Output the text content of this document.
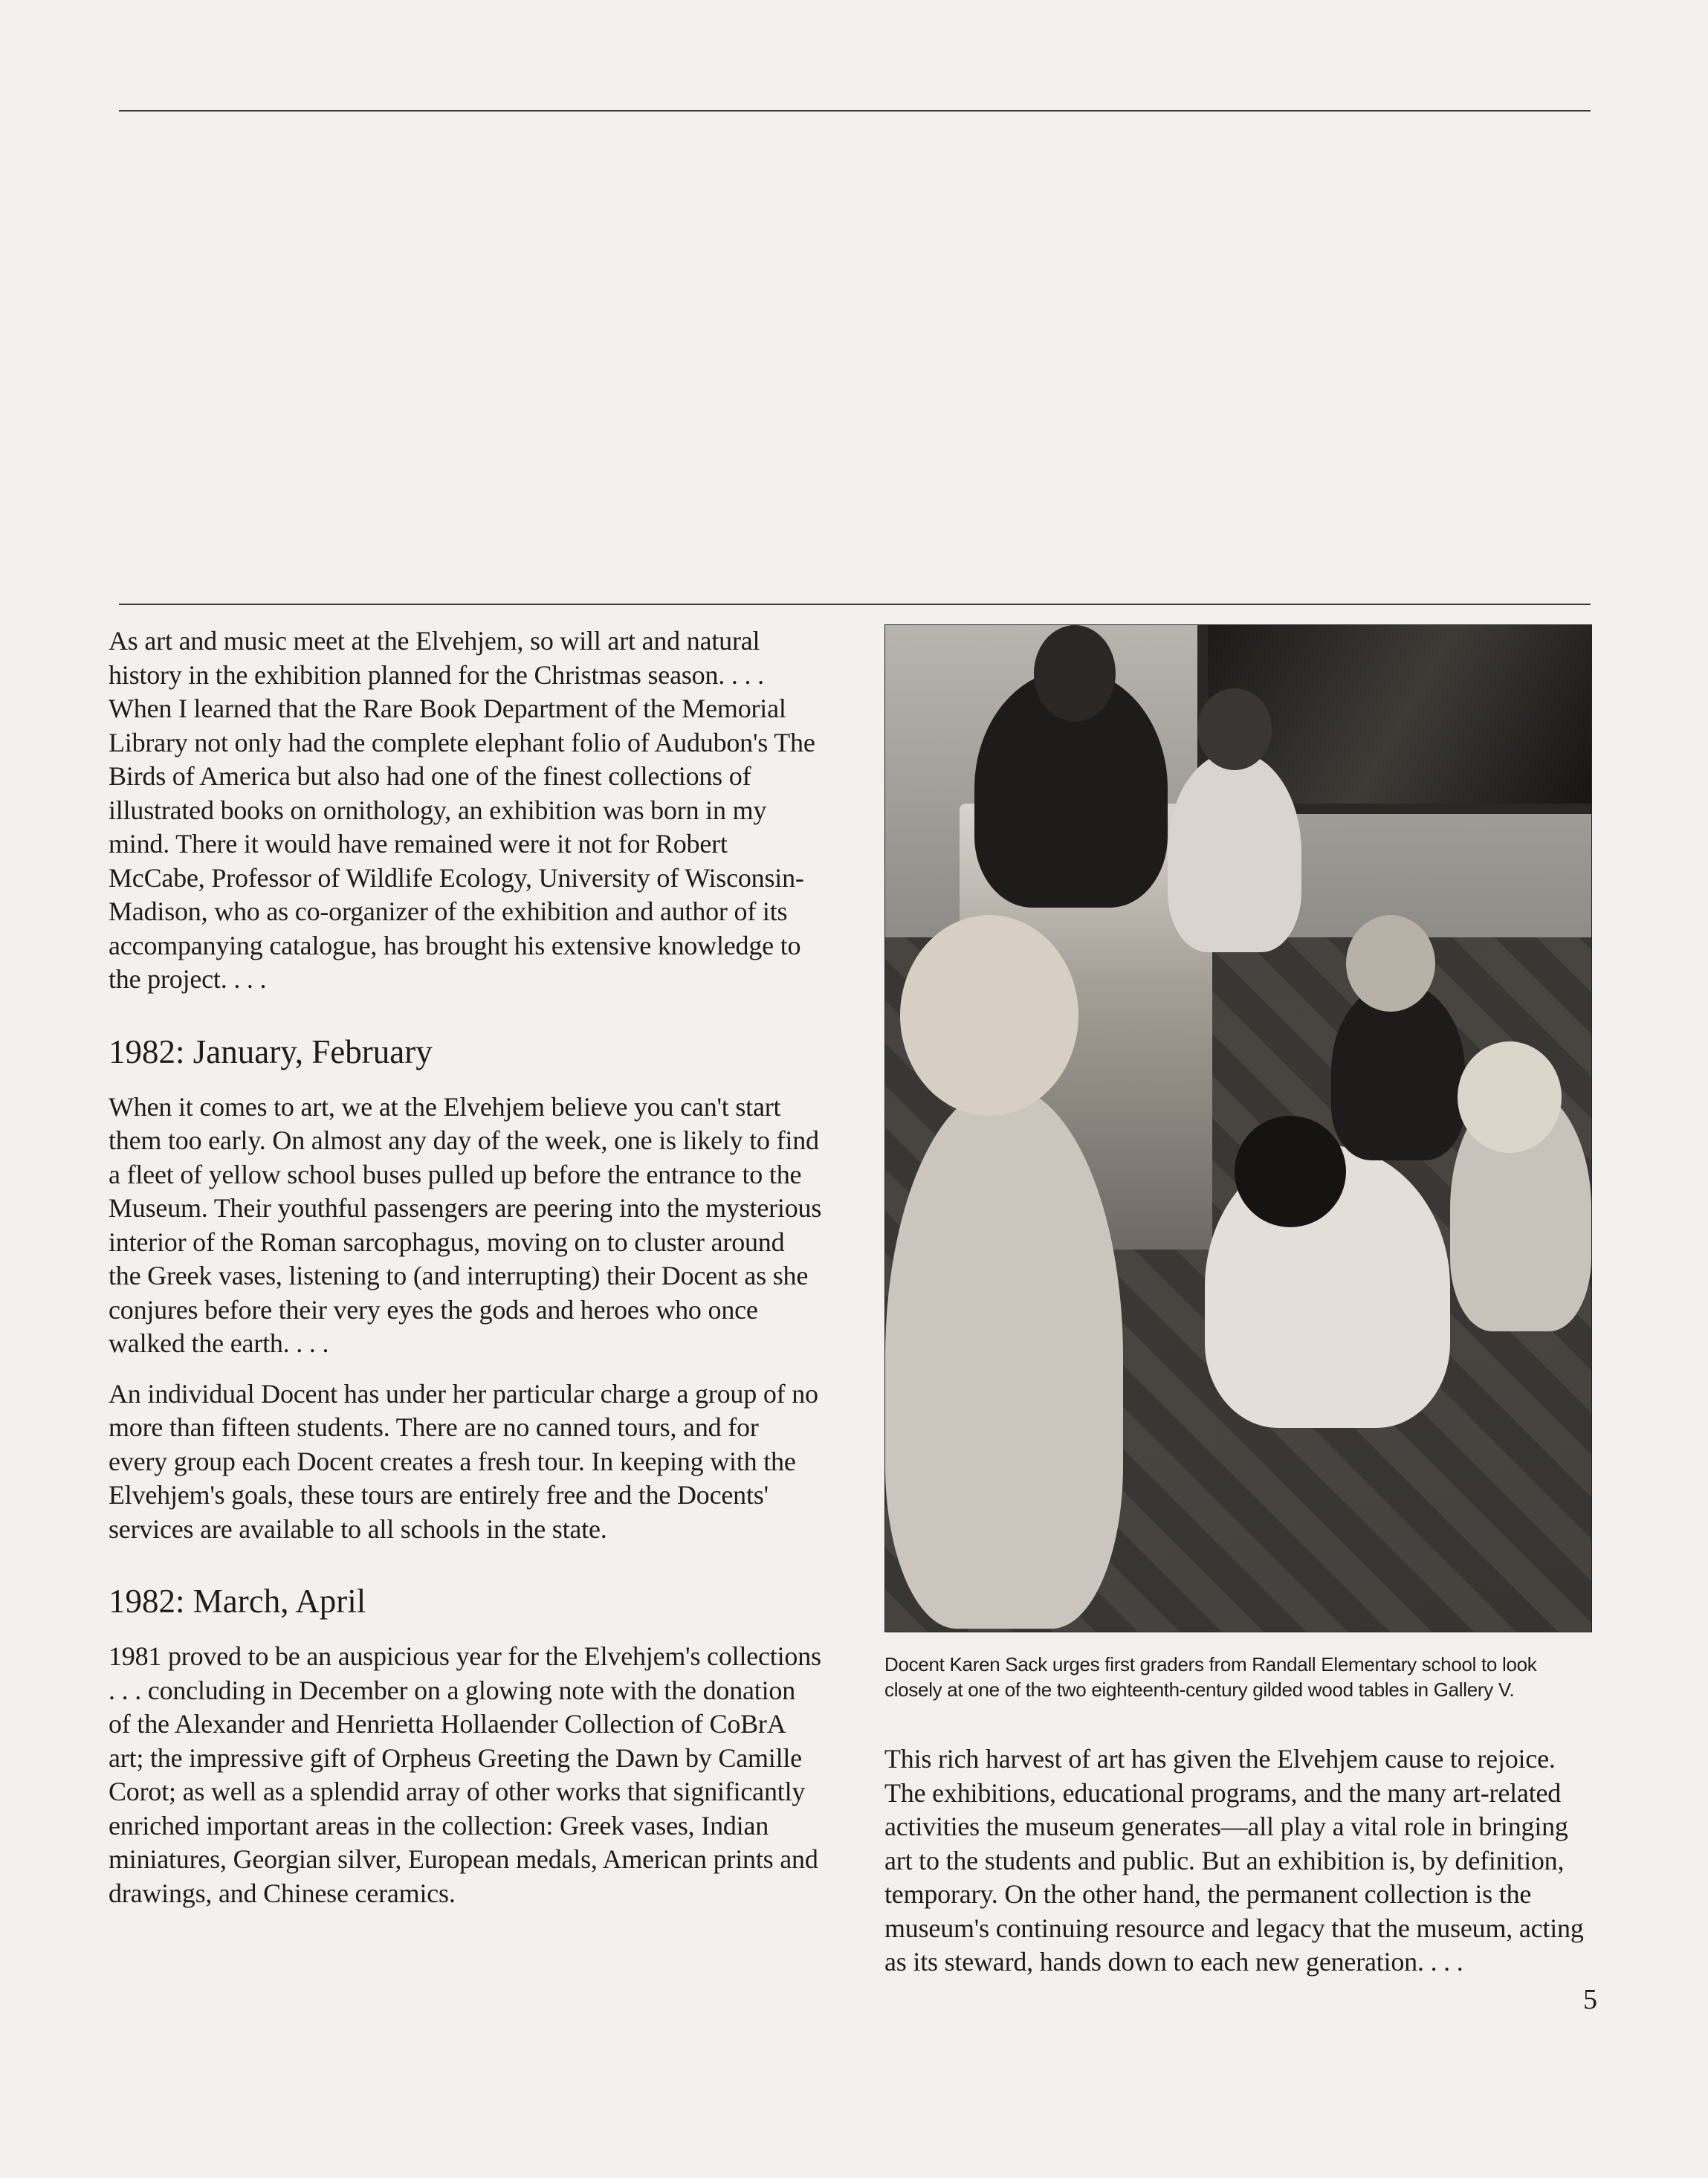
As art and music meet at the Elvehjem, so will art and natural history in the exhibition planned for the Christmas season. . . . When I learned that the Rare Book Department of the Memorial Library not only had the complete elephant folio of Audubon's The Birds of America but also had one of the finest collections of illustrated books on ornithology, an exhibition was born in my mind. There it would have remained were it not for Robert McCabe, Professor of Wildlife Ecology, University of Wisconsin-Madison, who as co-organizer of the exhibition and author of its accompanying catalogue, has brought his extensive knowledge to the project. . . .

1982: January, February

When it comes to art, we at the Elvehjem believe you can't start them too early. On almost any day of the week, one is likely to find a fleet of yellow school buses pulled up before the entrance to the Museum. Their youthful passengers are peering into the mysterious interior of the Roman sarcophagus, moving on to cluster around the Greek vases, listening to (and interrupting) their Docent as she conjures before their very eyes the gods and heroes who once walked the earth. . . .

An individual Docent has under her particular charge a group of no more than fifteen students. There are no canned tours, and for every group each Docent creates a fresh tour. In keeping with the Elvehjem's goals, these tours are entirely free and the Docents' services are available to all schools in the state.

1982: March, April

1981 proved to be an auspicious year for the Elvehjem's collections . . . concluding in December on a glowing note with the donation of the Alexander and Henrietta Hollaender Collection of CoBrA art; the impressive gift of Orpheus Greeting the Dawn by Camille Corot; as well as a splendid array of other works that significantly enriched important areas in the collection: Greek vases, Indian miniatures, Georgian silver, European medals, American prints and drawings, and Chinese ceramics.

Docent Karen Sack urges first graders from Randall Elementary school to look closely at one of the two eighteenth-century gilded wood tables in Gallery V.

This rich harvest of art has given the Elvehjem cause to rejoice. The exhibitions, educational programs, and the many art-related activities the museum generates—all play a vital role in bringing art to the students and public. But an exhibition is, by definition, temporary. On the other hand, the permanent collection is the museum's continuing resource and legacy that the museum, acting as its steward, hands down to each new generation. . . .

5
